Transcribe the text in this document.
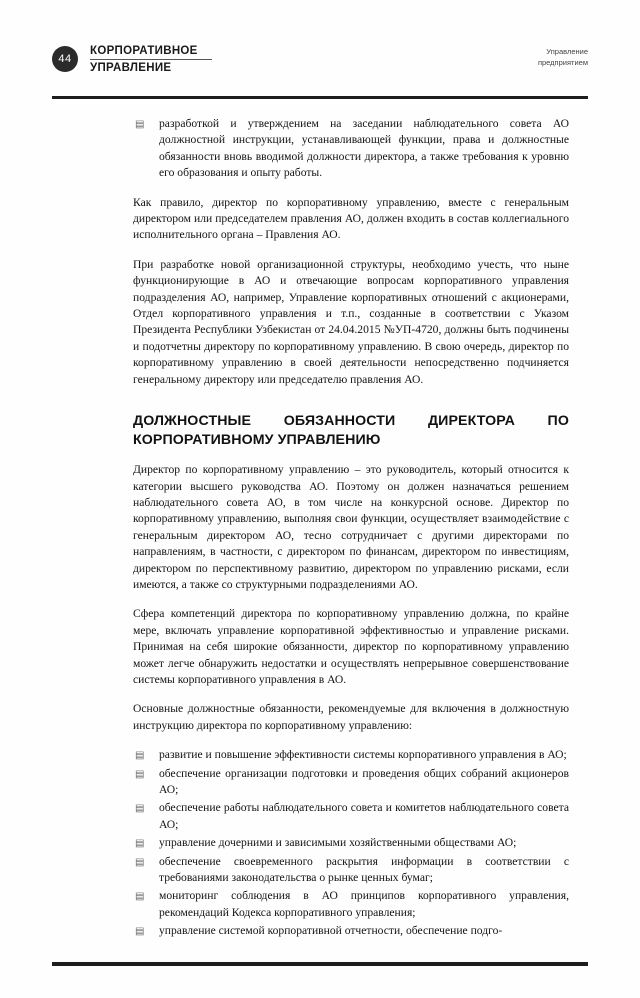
44
КОРПОРАТИВНОЕ
УПРАВЛЕНИЕ
Управление
предприятием
▤ разработкой и утверждением на заседании наблюдательного совета АО должностной инструкции, устанавливающей функции, права и должностные обязанности вновь вводимой должности директора, а также требования к уровню его образования и опыту работы.

Как правило, директор по корпоративному управлению, вместе с генеральным директором или председателем правления АО, должен входить в состав коллегиального исполнительного органа – Правления АО.

При разработке новой организационной структуры, необходимо учесть, что ныне функционирующие в АО и отвечающие вопросам корпоративного управления подразделения АО, например, Управление корпоративных отношений с акционерами, Отдел корпоративного управления и т.п., созданные в соответствии с Указом Президента Республики Узбекистан от 24.04.2015 №УП-4720, должны быть подчинены и подотчетны директору по корпоративному управлению. В свою очередь, директор по корпоративному управлению в своей деятельности непосредственно подчиняется генеральному директору или председателю правления АО.

ДОЛЖНОСТНЫЕ ОБЯЗАННОСТИ ДИРЕКТОРА ПО КОРПОРАТИВНОМУ УПРАВЛЕНИЮ

Директор по корпоративному управлению – это руководитель, который относится к категории высшего руководства АО. Поэтому он должен назначаться решением наблюдательного совета АО, в том числе на конкурсной основе. Директор по корпоративному управлению, выполняя свои функции, осуществляет взаимодействие с генеральным директором АО, тесно сотрудничает с другими директорами по направлениям, в частности, с директором по финансам, директором по инвестициям, директором по перспективному развитию, директором по управлению рисками, если имеются, а также со структурными подразделениями АО.

Сфера компетенций директора по корпоративному управлению должна, по крайне мере, включать управление корпоративной эффективностью и управление рисками. Принимая на себя широкие обязанности, директор по корпоративному управлению может легче обнаружить недостатки и осуществлять непрерывное совершенствование системы корпоративного управления в АО.

Основные должностные обязанности, рекомендуемые для включения в должностную инструкцию директора по корпоративному управлению:

▤ развитие и повышение эффективности системы корпоративного управления в АО;
▤ обеспечение организации подготовки и проведения общих собраний акционеров АО;
▤ обеспечение работы наблюдательного совета и комитетов наблюдательного совета АО;
▤ управление дочерними и зависимыми хозяйственными обществами АО;
▤ обеспечение своевременного раскрытия информации в соответствии с требованиями законодательства о рынке ценных бумаг;
▤ мониторинг соблюдения в АО принципов корпоративного управления, рекомендаций Кодекса корпоративного управления;
▤ управление системой корпоративной отчетности, обеспечение подго-
